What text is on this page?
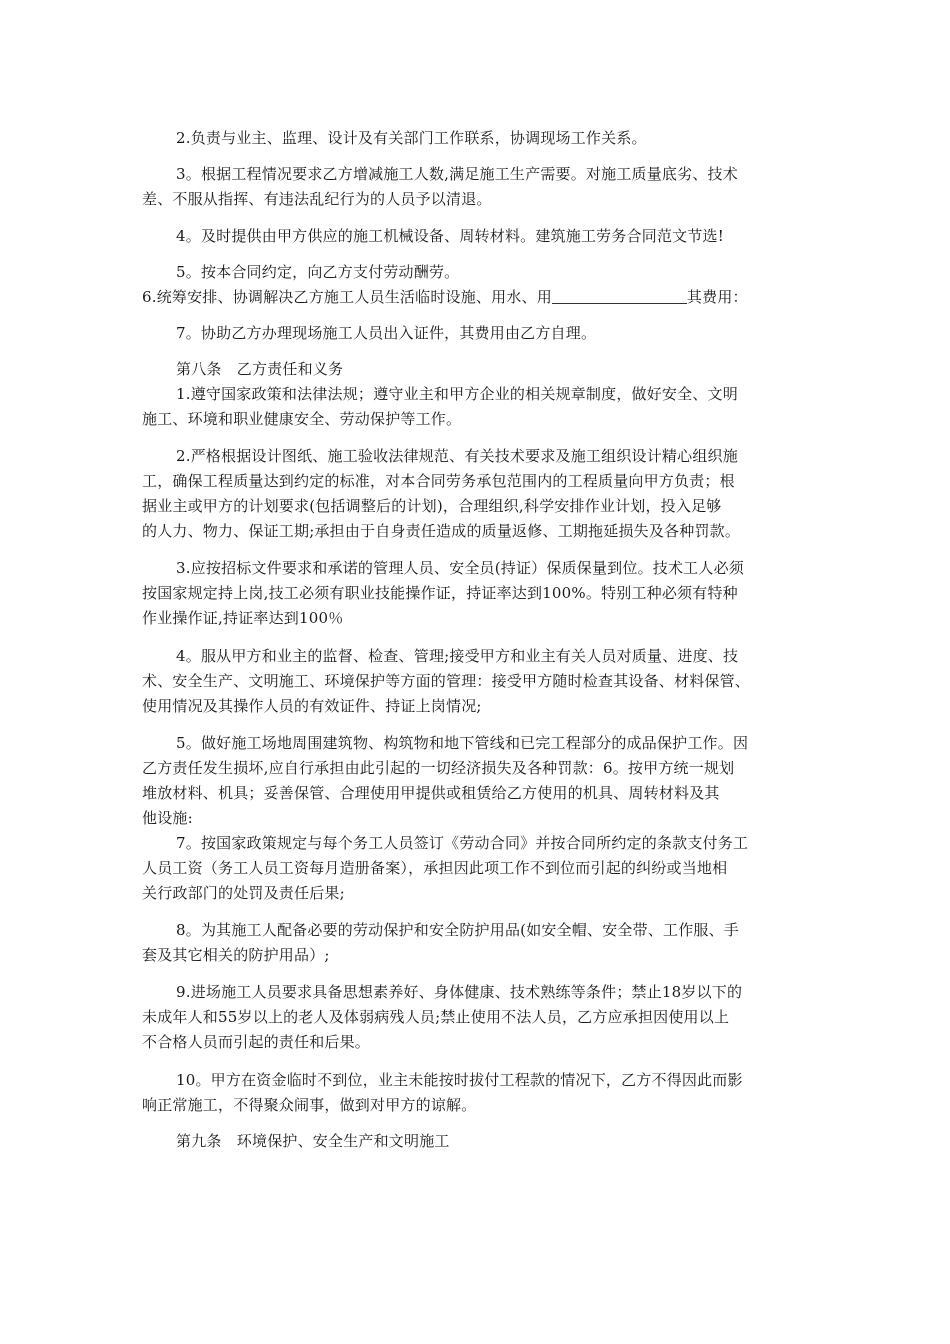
2.负责与业主、监理、设计及有关部门工作联系，协调现场工作关系。

3。根据工程情况要求乙方增减施工人数,满足施工生产需要。对施工质量底劣、技术
差、不服从指挥、有违法乱纪行为的人员予以清退。

4。及时提供由甲方供应的施工机械设备、周转材料。建筑施工劳务合同范文节选!

5。按本合同约定，向乙方支付劳动酬劳。

6.统筹安排、协调解决乙方施工人员生活临时设施、用水、用	其费用：

7。协助乙方办理现场施工人员出入证件，其费用由乙方自理。

第八条　乙方责任和义务

1.遵守国家政策和法律法规；遵守业主和甲方企业的相关规章制度，做好安全、文明
施工、环境和职业健康安全、劳动保护等工作。

2.严格根据设计图纸、施工验收法律规范、有关技术要求及施工组织设计精心组织施
工，确保工程质量达到约定的标准，对本合同劳务承包范围内的工程质量向甲方负责；根
据业主或甲方的计划要求(包括调整后的计划)，合理组织,科学安排作业计划，投入足够
的人力、物力、保证工期;承担由于自身责任造成的质量返修、工期拖延损失及各种罚款。

3.应按招标文件要求和承诺的管理人员、安全员(持证）保质保量到位。技术工人必须
按国家规定持上岗,技工必须有职业技能操作证，持证率达到100%。特别工种必须有特种
作业操作证,持证率达到100％

4。服从甲方和业主的监督、检查、管理;接受甲方和业主有关人员对质量、进度、技
术、安全生产、文明施工、环境保护等方面的管理：接受甲方随时检查其设备、材料保管、
使用情况及其操作人员的有效证件、持证上岗情况;

5。做好施工场地周围建筑物、构筑物和地下管线和已完工程部分的成品保护工作。因
乙方责任发生损坏,应自行承担由此引起的一切经济损失及各种罚款：6。按甲方统一规划
堆放材料、机具；妥善保管、合理使用甲提供或租赁给乙方使用的机具、周转材料及其
他设施:

7。按国家政策规定与每个务工人员签订《劳动合同》并按合同所约定的条款支付务工
人员工资（务工人员工资每月造册备案），承担因此项工作不到位而引起的纠纷或当地相
关行政部门的处罚及责任后果;

8。为其施工人配备必要的劳动保护和安全防护用品(如安全帽、安全带、工作服、手
套及其它相关的防护用品）;

9.进场施工人员要求具备思想素养好、身体健康、技术熟练等条件；禁止18岁以下的
未成年人和55岁以上的老人及体弱病残人员;禁止使用不法人员，乙方应承担因使用以上
不合格人员而引起的责任和后果。

10。甲方在资金临时不到位，业主未能按时拔付工程款的情况下，乙方不得因此而影
响正常施工，不得聚众闹事，做到对甲方的谅解。

第九条　环境保护、安全生产和文明施工
